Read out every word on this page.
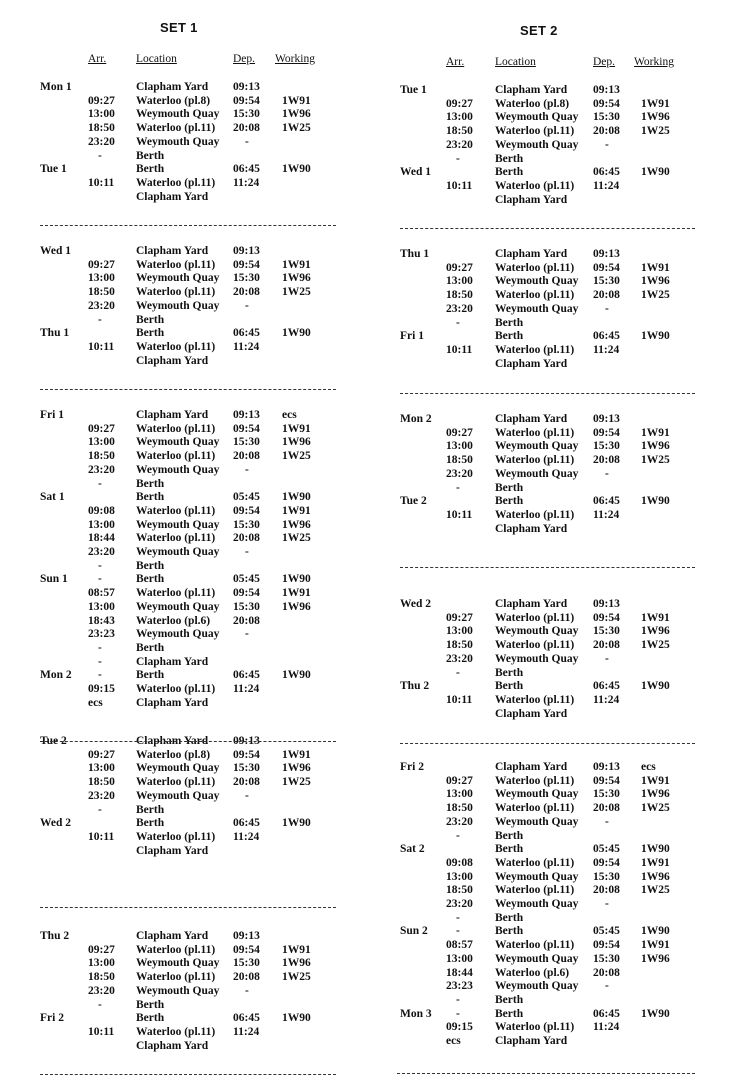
SET 1
Arr.	Location	Dep. Working
Mon 1	Clapham Yard 09:13
09:27 Waterloo (pl.8) 09:54 1W91
13:00 Weymouth Quay 15:30 1W96
18:50 Waterloo (pl.11) 20:08 1W25
23:20 Weymouth Quay -
-	Berth
Tue 1	Berth	06:45 1W90
10:11 Waterloo (pl.11) 11:24
Clapham Yard
Wed 1	Clapham Yard 09:13
09:27 Waterloo (pl.11) 09:54 1W91
13:00 Weymouth Quay 15:30 1W96
18:50 Waterloo (pl.11) 20:08 1W25
23:20 Weymouth Quay -
-	Berth
Thu 1	Berth	06:45 1W90
10:11 Waterloo (pl.11) 11:24
Clapham Yard
Fri 1	Clapham Yard 09:13 ecs
09:27 Waterloo (pl.11) 09:54 1W91
13:00 Weymouth Quay 15:30 1W96
18:50 Waterloo (pl.11) 20:08 1W25
23:20 Weymouth Quay -
-	Berth
Sat 1	Berth	05:45 1W90
09:08 Waterloo (pl.11) 09:54 1W91
13:00 Weymouth Quay 15:30 1W96
18:44 Waterloo (pl.11) 20:08 1W25
23:20 Weymouth Quay -
-	Berth
Sun 1	-	Berth	05:45 1W90
08:57 Waterloo (pl.11) 09:54 1W91
13:00 Weymouth Quay 15:30 1W96
18:43 Waterloo (pl.6) 20:08
23:23 Weymouth Quay -
-	Berth
-	Clapham Yard
Mon 2 -	Berth	06:45 1W90
09:15 Waterloo (pl.11) 11:24
ecs	Clapham Yard
Tue 2	Clapham Yard 09:13
09:27 Waterloo (pl.8) 09:54 1W91
13:00 Weymouth Quay 15:30 1W96
18:50 Waterloo (pl.11) 20:08 1W25
23:20 Weymouth Quay -
-	Berth
Wed 2	Berth	06:45 1W90
10:11 Waterloo (pl.11) 11:24
Clapham Yard
Thu 2	Clapham Yard 09:13
09:27 Waterloo (pl.11) 09:54 1W91
13:00 Weymouth Quay 15:30 1W96
18:50 Waterloo (pl.11) 20:08 1W25
23:20 Weymouth Quay -
-	Berth
Fri 2	Berth	06:45 1W90
10:11 Waterloo (pl.11) 11:24
Clapham Yard
SET 2
Arr.	Location	Dep. Working
Tue 1	Clapham Yard 09:13
09:27 Waterloo (pl.8) 09:54 1W91
13:00 Weymouth Quay 15:30 1W96
18:50 Waterloo (pl.11) 20:08 1W25
23:20 Weymouth Quay -
-	Berth
Wed 1	Berth	06:45 1W90
10:11 Waterloo (pl.11) 11:24
Clapham Yard
Thu 1	Clapham Yard 09:13
09:27 Waterloo (pl.11) 09:54 1W91
13:00 Weymouth Quay 15:30 1W96
18:50 Waterloo (pl.11) 20:08 1W25
23:20 Weymouth Quay -
-	Berth
Fri 1	Berth	06:45 1W90
10:11 Waterloo (pl.11) 11:24
Clapham Yard
Mon 2	Clapham Yard 09:13
09:27 Waterloo (pl.11) 09:54 1W91
13:00 Weymouth Quay 15:30 1W96
18:50 Waterloo (pl.11) 20:08 1W25
23:20 Weymouth Quay -
-	Berth
Tue 2	Berth	06:45 1W90
10:11 Waterloo (pl.11) 11:24
Clapham Yard
Wed 2	Clapham Yard 09:13
09:27 Waterloo (pl.11) 09:54 1W91
13:00 Weymouth Quay 15:30 1W96
18:50 Waterloo (pl.11) 20:08 1W25
23:20 Weymouth Quay -
-	Berth
Thu 2	Berth	06:45 1W90
10:11 Waterloo (pl.11) 11:24
Clapham Yard
Fri 2	Clapham Yard 09:13 ecs
09:27 Waterloo (pl.11) 09:54 1W91
13:00 Weymouth Quay 15:30 1W96
18:50 Waterloo (pl.11) 20:08 1W25
23:20 Weymouth Quay -
-	Berth
Sat 2	Berth	05:45 1W90
09:08 Waterloo (pl.11) 09:54 1W91
13:00 Weymouth Quay 15:30 1W96
18:50 Waterloo (pl.11) 20:08 1W25
23:20 Weymouth Quay -
-	Berth
Sun 2 -	Berth	05:45 1W90
08:57 Waterloo (pl.11) 09:54 1W91
13:00 Weymouth Quay 15:30 1W96
18:44 Waterloo (pl.6) 20:08
23:23 Weymouth Quay -
-	Berth
Mon 3 -	Berth	06:45 1W90
09:15 Waterloo (pl.11) 11:24
ecs	Clapham Yard
